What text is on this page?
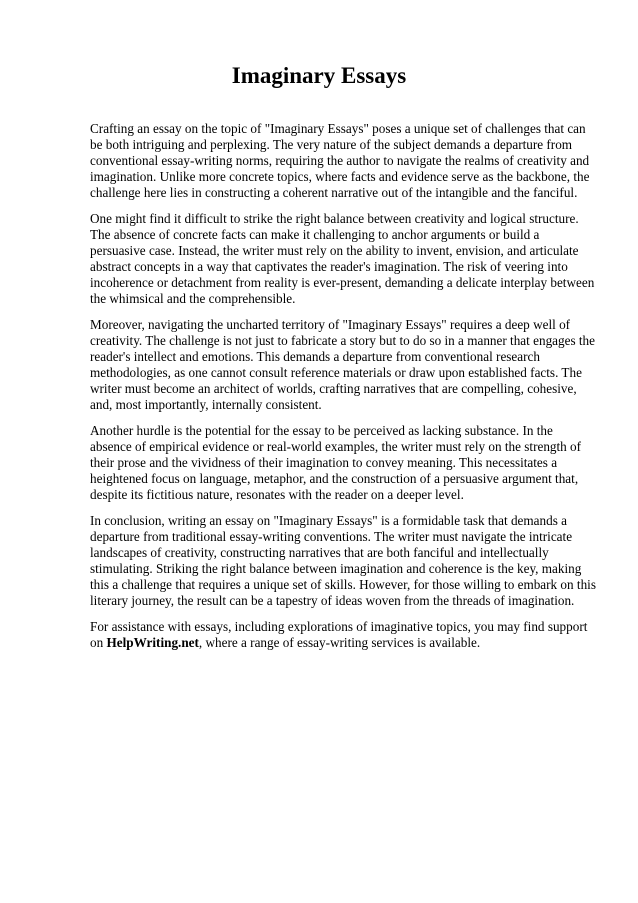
Imaginary Essays

Crafting an essay on the topic of "Imaginary Essays" poses a unique set of challenges that can be both intriguing and perplexing. The very nature of the subject demands a departure from conventional essay-writing norms, requiring the author to navigate the realms of creativity and imagination. Unlike more concrete topics, where facts and evidence serve as the backbone, the challenge here lies in constructing a coherent narrative out of the intangible and the fanciful.

One might find it difficult to strike the right balance between creativity and logical structure. The absence of concrete facts can make it challenging to anchor arguments or build a persuasive case. Instead, the writer must rely on the ability to invent, envision, and articulate abstract concepts in a way that captivates the reader's imagination. The risk of veering into incoherence or detachment from reality is ever-present, demanding a delicate interplay between the whimsical and the comprehensible.

Moreover, navigating the uncharted territory of "Imaginary Essays" requires a deep well of creativity. The challenge is not just to fabricate a story but to do so in a manner that engages the reader's intellect and emotions. This demands a departure from conventional research methodologies, as one cannot consult reference materials or draw upon established facts. The writer must become an architect of worlds, crafting narratives that are compelling, cohesive, and, most importantly, internally consistent.

Another hurdle is the potential for the essay to be perceived as lacking substance. In the absence of empirical evidence or real-world examples, the writer must rely on the strength of their prose and the vividness of their imagination to convey meaning. This necessitates a heightened focus on language, metaphor, and the construction of a persuasive argument that, despite its fictitious nature, resonates with the reader on a deeper level.

In conclusion, writing an essay on "Imaginary Essays" is a formidable task that demands a departure from traditional essay-writing conventions. The writer must navigate the intricate landscapes of creativity, constructing narratives that are both fanciful and intellectually stimulating. Striking the right balance between imagination and coherence is the key, making this a challenge that requires a unique set of skills. However, for those willing to embark on this literary journey, the result can be a tapestry of ideas woven from the threads of imagination.

For assistance with essays, including explorations of imaginative topics, you may find support on HelpWriting.net, where a range of essay-writing services is available.
